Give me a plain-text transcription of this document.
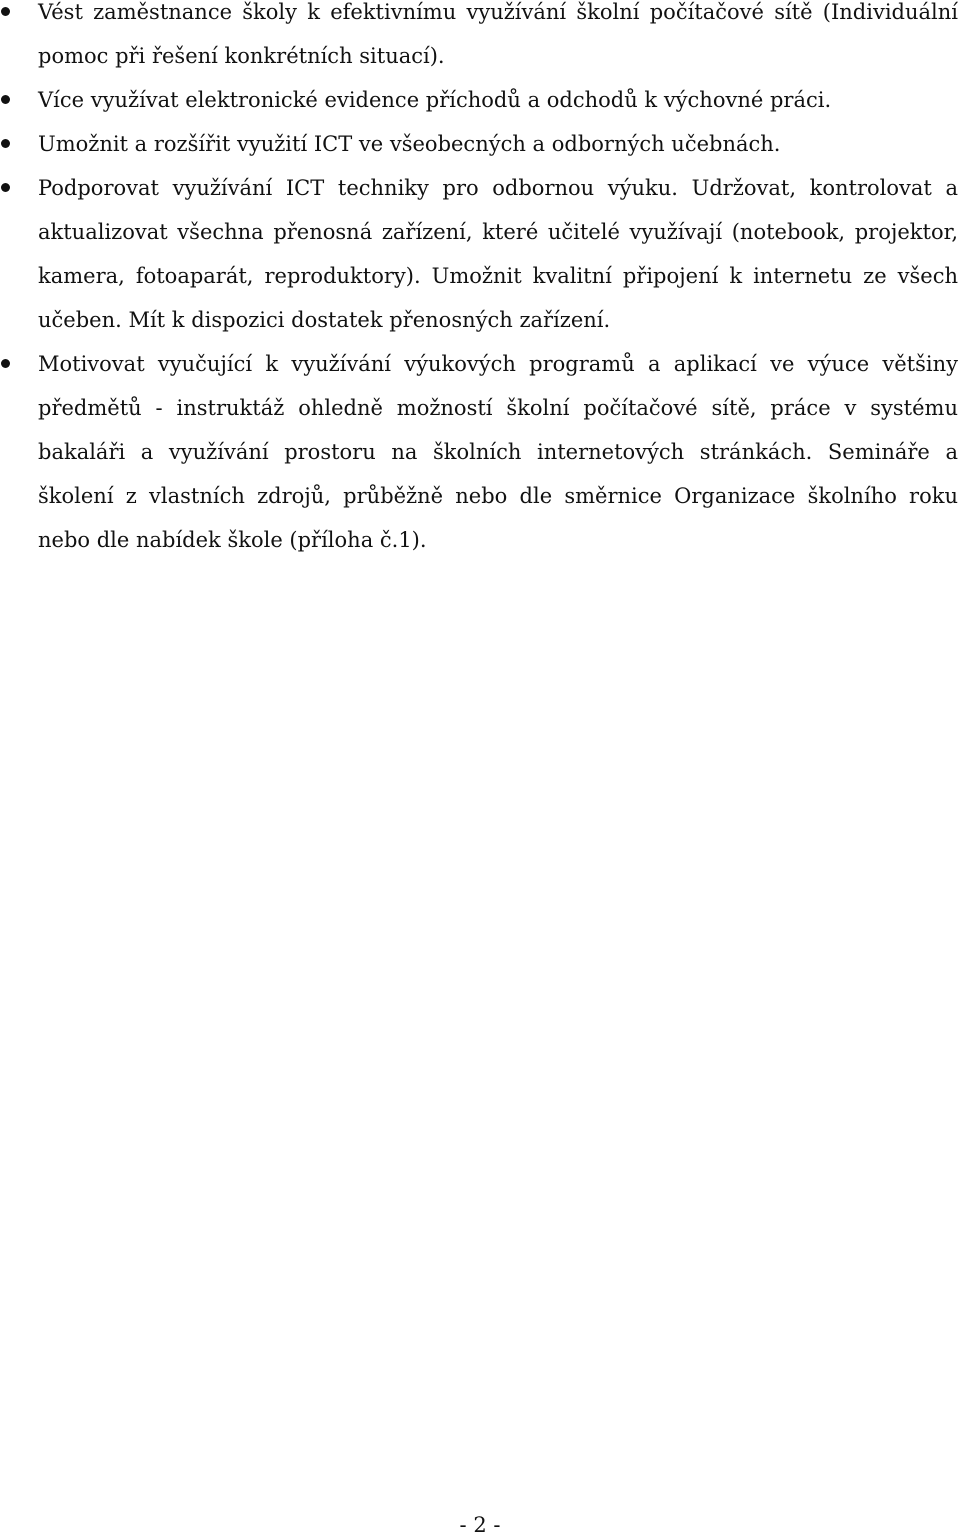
Vést zaměstnance školy k efektivnímu využívání školní počítačové sítě (Individuální pomoc při řešení konkrétních situací).
Více využívat elektronické evidence příchodů a odchodů k výchovné práci.
Umožnit a rozšířit využití ICT ve všeobecných a odborných učebnách.
Podporovat využívání ICT techniky pro odbornou výuku. Udržovat, kontrolovat a aktualizovat všechna přenosná zařízení, které učitelé využívají (notebook, projektor, kamera, fotoaparát, reproduktory). Umožnit kvalitní připojení k internetu ze všech učeben. Mít k dispozici dostatek přenosných zařízení.
Motivovat vyučující k využívání výukových programů a aplikací ve výuce většiny předmětů - instruktáž ohledně možností školní počítačové sítě, práce v systému bakaláři a využívání prostoru na školních internetových stránkách. Semináře a školení z vlastních zdrojů, průběžně nebo dle směrnice Organizace školního roku nebo dle nabídek škole (příloha č.1).
- 2 -
